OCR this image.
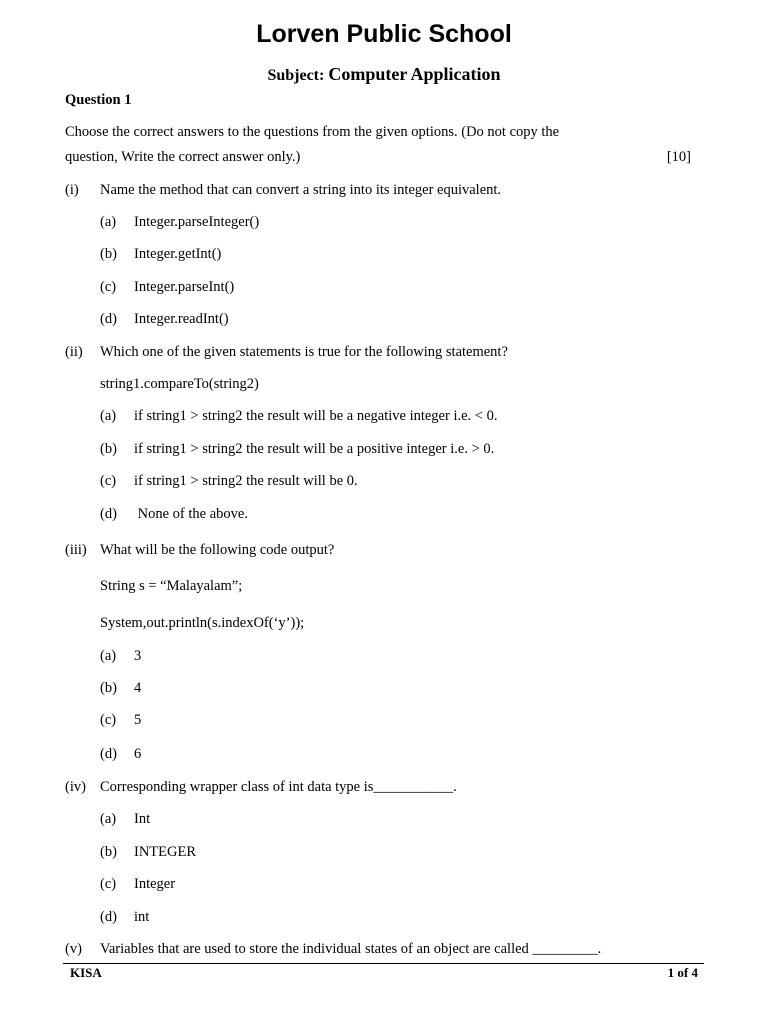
Lorven Public School
Subject: Computer Application
Question 1
Choose the correct answers to the questions from the given options. (Do not copy the
question, Write the correct answer only.)	[10]
(i) Name the method that can convert a string into its integer equivalent.
(a) Integer.parseInteger()
(b) Integer.getInt()
(c) Integer.parseInt()
(d) Integer.readInt()
(ii) Which one of the given statements is true for the following statement?
string1.compareTo(string2)
(a) if string1 > string2 the result will be a negative integer i.e. < 0.
(b) if string1 > string2 the result will be a positive integer i.e. > 0.
(c) if string1 > string2 the result will be 0.
(d) None of the above.
(iii) What will be the following code output?
String s = “Malayalam”;
System,out.println(s.indexOf(‘y’));
(a) 3
(b) 4
(c) 5
(d) 6
(iv) Corresponding wrapper class of int data type is___________.
(a) Int
(b) INTEGER
(c) Integer
(d) int
(v) Variables that are used to store the individual states of an object are called _________.
KISA	1 of 4
